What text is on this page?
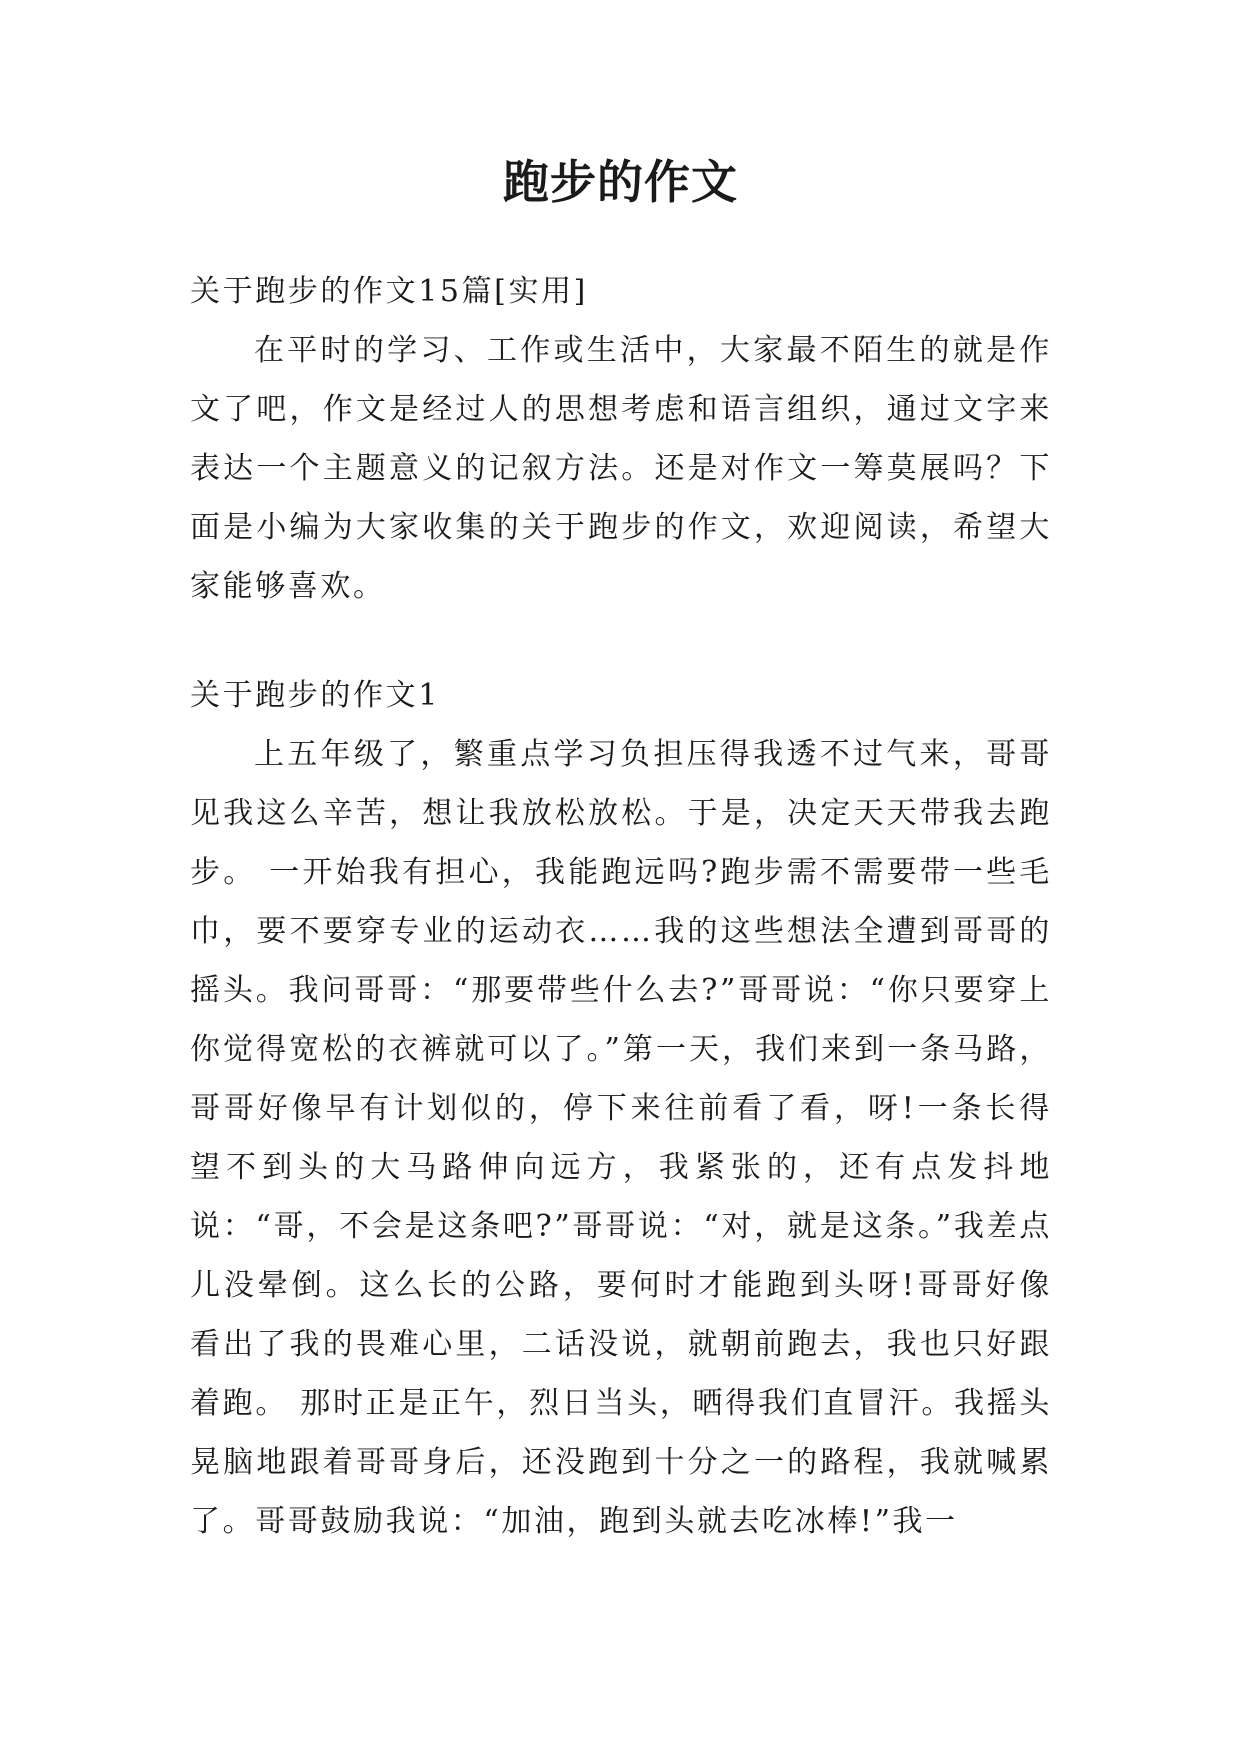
跑步的作文

关于跑步的作文15篇[实用]

在平时的学习、工作或生活中，大家最不陌生的就是作文了吧，作文是经过人的思想考虑和语言组织，通过文字来表达一个主题意义的记叙方法。还是对作文一筹莫展吗？下面是小编为大家收集的关于跑步的作文，欢迎阅读，希望大家能够喜欢。

关于跑步的作文1

上五年级了，繁重点学习负担压得我透不过气来，哥哥见我这么辛苦，想让我放松放松。于是，决定天天带我去跑步。 一开始我有担心，我能跑远吗?跑步需不需要带一些毛巾，要不要穿专业的运动衣……我的这些想法全遭到哥哥的摇头。我问哥哥：“那要带些什么去?”哥哥说：“你只要穿上你觉得宽松的衣裤就可以了。”第一天，我们来到一条马路，哥哥好像早有计划似的，停下来往前看了看，呀!一条长得望不到头的大马路伸向远方，我紧张的，还有点发抖地说：“哥，不会是这条吧?”哥哥说：“对，就是这条。”我差点儿没晕倒。这么长的公路，要何时才能跑到头呀!哥哥好像看出了我的畏难心里，二话没说，就朝前跑去，我也只好跟着跑。 那时正是正午，烈日当头，晒得我们直冒汗。我摇头晃脑地跟着哥哥身后，还没跑到十分之一的路程，我就喊累了。哥哥鼓励我说：“加油，跑到头就去吃冰棒!”我一
